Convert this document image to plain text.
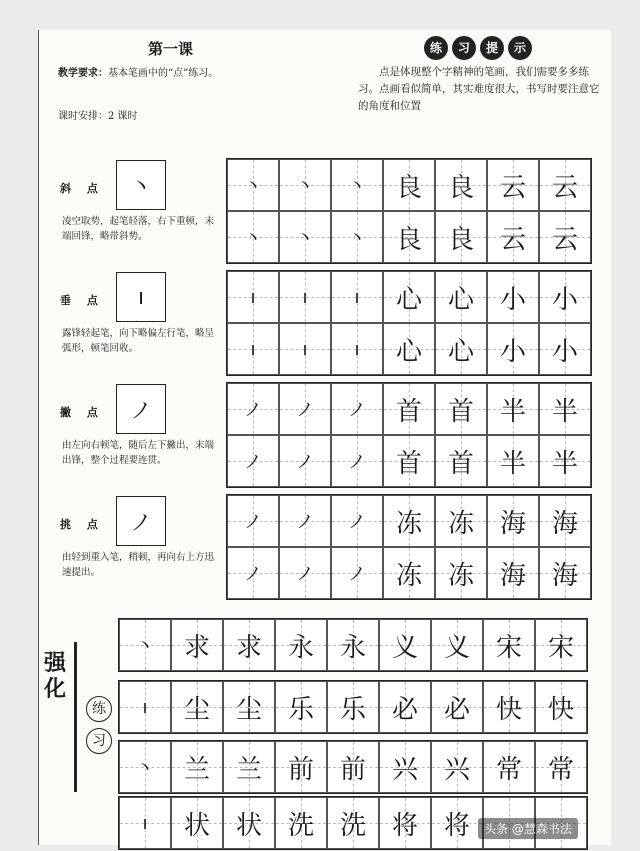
第一课
教学要求：基本笔画中的“点”练习。
课时安排：2 课时
练	习	提	示
点是体现整个字精神的笔画，我们需要多多练习。点画看似简单，其实难度很大，书写时要注意它的角度和位置
斜 点	丶
凌空取势，起笔轻落，右下重顿，末端回锋，略带斜势。
丶 丶 丶 良 良 云 云
丶 丶 丶 良 良 云 云
垂 点	ı
露锋轻起笔，向下略偏左行笔，略呈弧形，顿笔回收。
ı	ı	ı 心 心 小 小
ı	ı	ı 心 心 小 小
撇 点	ノ
由左向右顿笔，随后左下撇出，末端出锋，整个过程要连贯。
ノ ノ ノ 首 首 半 半
ノ ノ ノ 首 首 半 半
挑 点	ノ
由轻到重入笔，稍顿，再向右上方迅速提出。
ノ ノ ノ 冻 冻 海 海
ノ ノ ノ 冻 冻 海 海
丶 求 求 永 永 义 义 宋 宋
ı 尘 尘 乐 乐 必 必 快 快
丶 兰 兰 前 前 兴 兴 常 常
ı 状 状 洗 洗 将 将
强化
练
习
头条 @慧森书法
